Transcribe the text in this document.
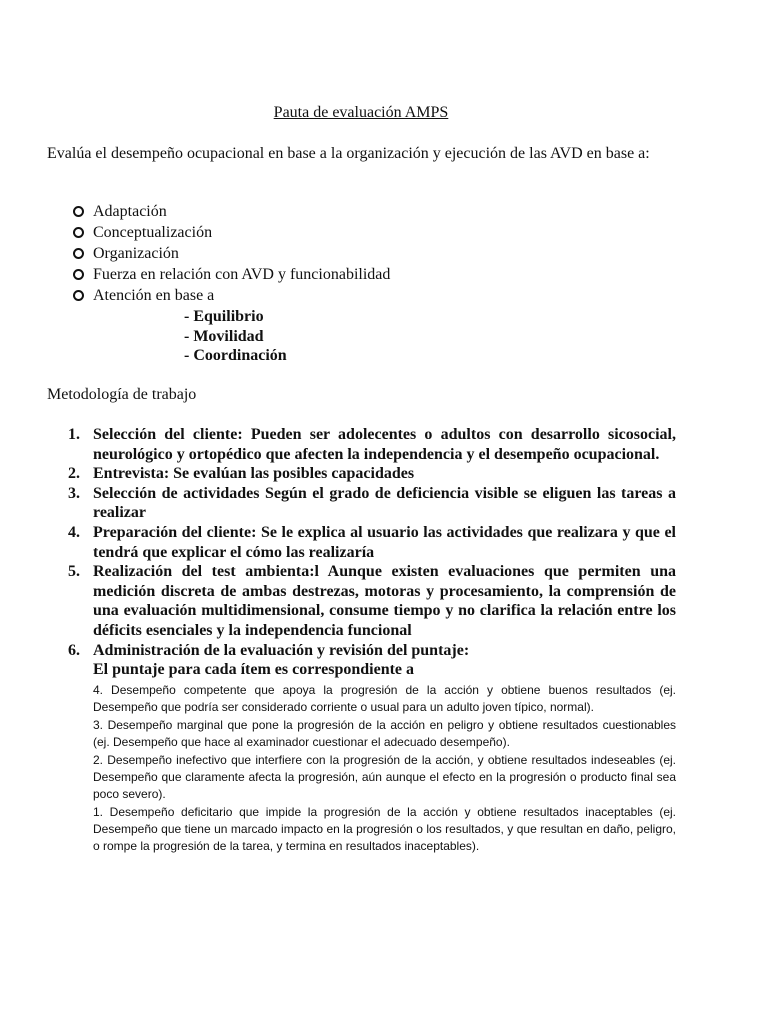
Pauta de evaluación AMPS
Evalúa el desempeño ocupacional en base a la organización y ejecución de las AVD en base a:
Adaptación
Conceptualización
Organización
Fuerza en relación con AVD y funcionabilidad
Atención en base a
- Equilibrio
- Movilidad
- Coordinación
Metodología de trabajo
1. Selección del cliente: Pueden ser adolecentes o adultos con desarrollo sicosocial, neurológico y ortopédico que afecten la independencia y el desempeño ocupacional.
2. Entrevista: Se evalúan las posibles capacidades
3. Selección de actividades Según el grado de deficiencia visible se eliguen las tareas a realizar
4. Preparación del cliente: Se le explica al usuario las actividades que realizara y que el tendrá que explicar el cómo las realizaría
5. Realización del test ambienta:l Aunque existen evaluaciones que permiten una medición discreta de ambas destrezas, motoras y procesamiento, la comprensión de una evaluación multidimensional, consume tiempo y no clarifica la relación entre los déficits esenciales y la independencia funcional
6. Administración de la evaluación y revisión del puntaje:
El puntaje para cada ítem es correspondiente a
4. Desempeño competente que apoya la progresión de la acción y obtiene buenos resultados (ej. Desempeño que podría ser considerado corriente o usual para un adulto joven típico, normal).
3. Desempeño marginal que pone la progresión de la acción en peligro y obtiene resultados cuestionables (ej. Desempeño que hace al examinador cuestionar el adecuado desempeño).
2. Desempeño inefectivo que interfiere con la progresión de la acción, y obtiene resultados indeseables (ej. Desempeño que claramente afecta la progresión, aún aunque el efecto en la progresión o producto final sea poco severo).
1. Desempeño deficitario que impide la progresión de la acción y obtiene resultados inaceptables (ej. Desempeño que tiene un marcado impacto en la progresión o los resultados, y que resultan en daño, peligro, o rompe la progresión de la tarea, y termina en resultados inaceptables).
